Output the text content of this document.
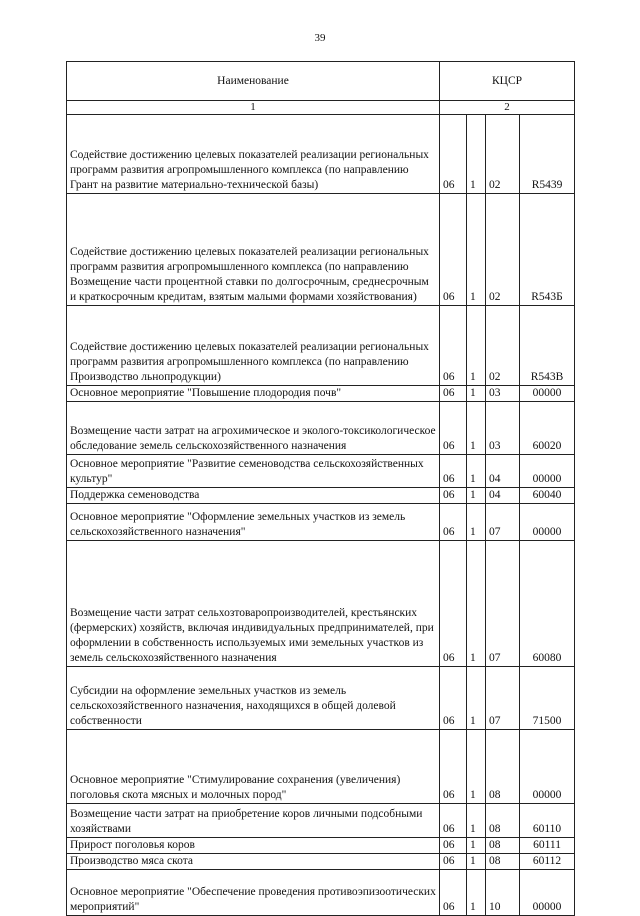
39
Наименование	КЦСР			
1	2			
Содействие достижению целевых показателей реализации региональных программ развития агропромышленного комплекса (по направлению Грант на развитие материально-технической базы)	06	1	02	R5439
Содействие достижению целевых показателей реализации региональных программ развития агропромышленного комплекса (по направлению Возмещение части процентной ставки по долгосрочным, среднесрочным и краткосрочным кредитам, взятым малыми формами хозяйствования)	06	1	02	R543Б
Содействие достижению целевых показателей реализации региональных программ развития агропромышленного комплекса (по направлению Производство льнопродукции)	06	1	02	R543В
Основное мероприятие "Повышение плодородия почв"	06	1	03	00000
Возмещение части затрат на агрохимическое и эколого-токсикологическое обследование земель сельскохозяйственного назначения	06	1	03	60020
Основное мероприятие "Развитие семеноводства сельскохозяйственных культур"	06	1	04	00000
Поддержка семеноводства	06	1	04	60040
Основное мероприятие "Оформление земельных участков из земель сельскохозяйственного назначения"	06	1	07	00000
Возмещение части затрат сельхозтоваропроизводителей, крестьянских (фермерских) хозяйств, включая индивидуальных предпринимателей, при оформлении в собственность используемых ими земельных участков из земель сельскохозяйственного назначения	06	1	07	60080
Субсидии на оформление земельных участков из земель сельскохозяйственного назначения, находящихся в общей долевой собственности	06	1	07	71500
Основное мероприятие "Стимулирование сохранения (увеличения) поголовья скота мясных и молочных пород"	06	1	08	00000
Возмещение части затрат на приобретение коров личными подсобными хозяйствами	06	1	08	60110
Прирост поголовья коров	06	1	08	60111
Производство мяса скота	06	1	08	60112
Основное мероприятие "Обеспечение проведения противоэпизоотических мероприятий"	06	1	10	00000
